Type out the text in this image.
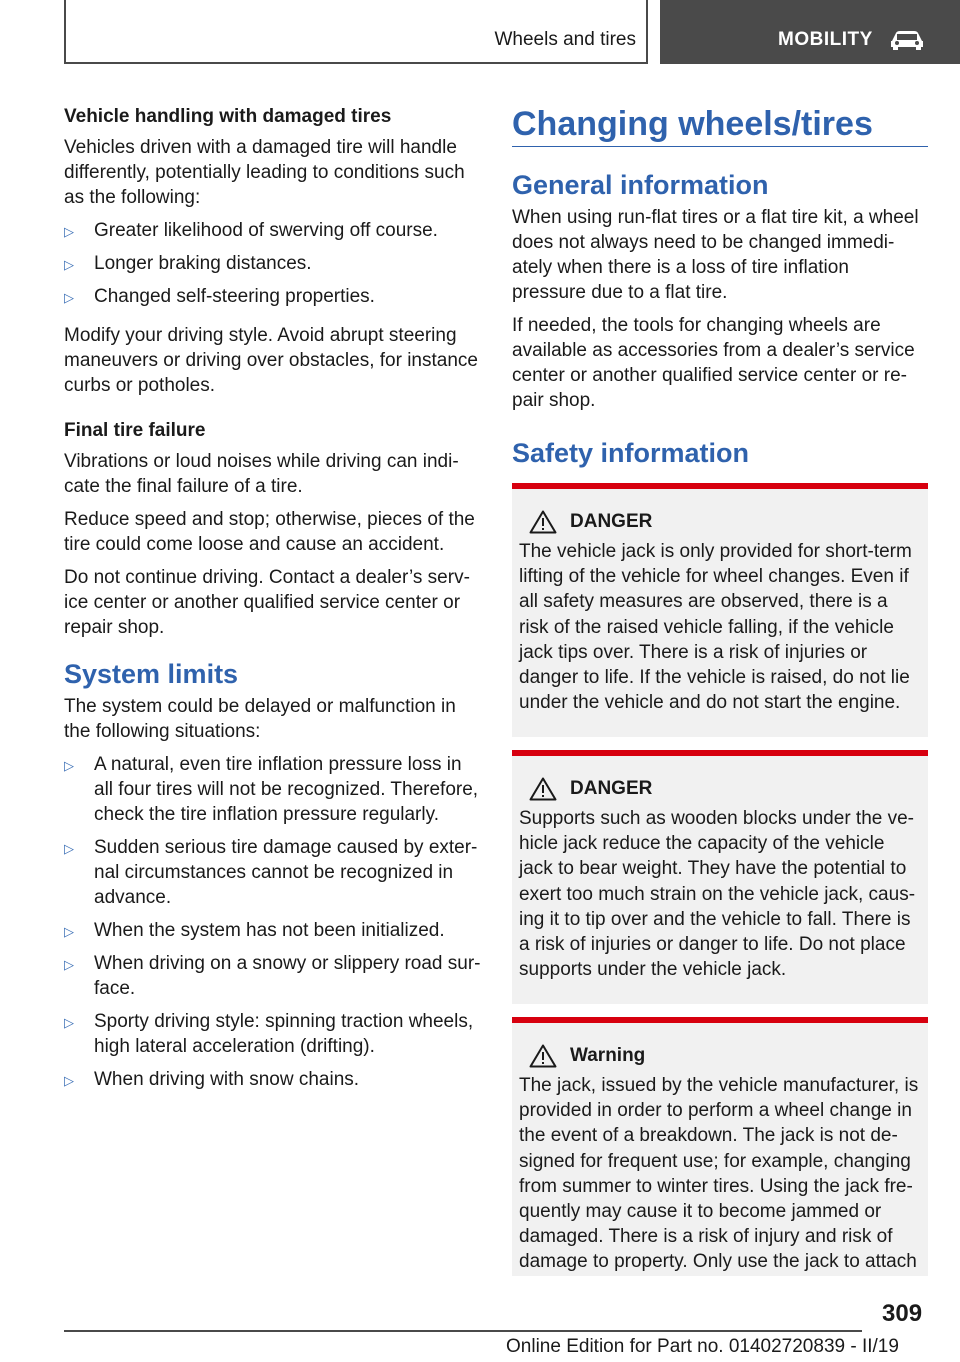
Wheels and tires	MOBILITY
Vehicle handling with damaged tires

Vehicles driven with a damaged tire will handle differently, potentially leading to conditions such as the following:

▷ Greater likelihood of swerving off course.
▷ Longer braking distances.
▷ Changed self-steering properties.

Modify your driving style. Avoid abrupt steering maneuvers or driving over obstacles, for instance curbs or potholes.

Final tire failure

Vibrations or loud noises while driving can indi-cate the final failure of a tire.

Reduce speed and stop; otherwise, pieces of the tire could come loose and cause an accident.

Do not continue driving. Contact a dealer’s serv-ice center or another qualified service center or repair shop.

System limits

The system could be delayed or malfunction in the following situations:

▷ A natural, even tire inflation pressure loss in all four tires will not be recognized. Therefore, check the tire inflation pressure regularly.
▷ Sudden serious tire damage caused by exter-nal circumstances cannot be recognized in advance.
▷ When the system has not been initialized.
▷ When driving on a snowy or slippery road sur-face.
▷ Sporty driving style: spinning traction wheels, high lateral acceleration (drifting).
▷ When driving with snow chains.
Changing wheels/tires
General information

When using run-flat tires or a flat tire kit, a wheel does not always need to be changed immedi-ately when there is a loss of tire inflation pressure due to a flat tire.

If needed, the tools for changing wheels are available as accessories from a dealer’s service center or another qualified service center or re-pair shop.

Safety information
DANGER

The vehicle jack is only provided for short-term lifting of the vehicle for wheel changes. Even if all safety measures are observed, there is a risk of the raised vehicle falling, if the vehicle jack tips over. There is a risk of injuries or danger to life. If the vehicle is raised, do not lie under the vehicle and do not start the engine.

DANGER

Supports such as wooden blocks under the ve-hicle jack reduce the capacity of the vehicle jack to bear weight. They have the potential to exert too much strain on the vehicle jack, caus-ing it to tip over and the vehicle to fall. There is a risk of injuries or danger to life. Do not place supports under the vehicle jack.

Warning

The jack, issued by the vehicle manufacturer, is provided in order to perform a wheel change in the event of a breakdown. The jack is not de-signed for frequent use; for example, changing from summer to winter tires. Using the jack fre-quently may cause it to become jammed or damaged. There is a risk of injury and risk of damage to property. Only use the jack to attach

309
Online Edition for Part no. 01402720839 - II/19
